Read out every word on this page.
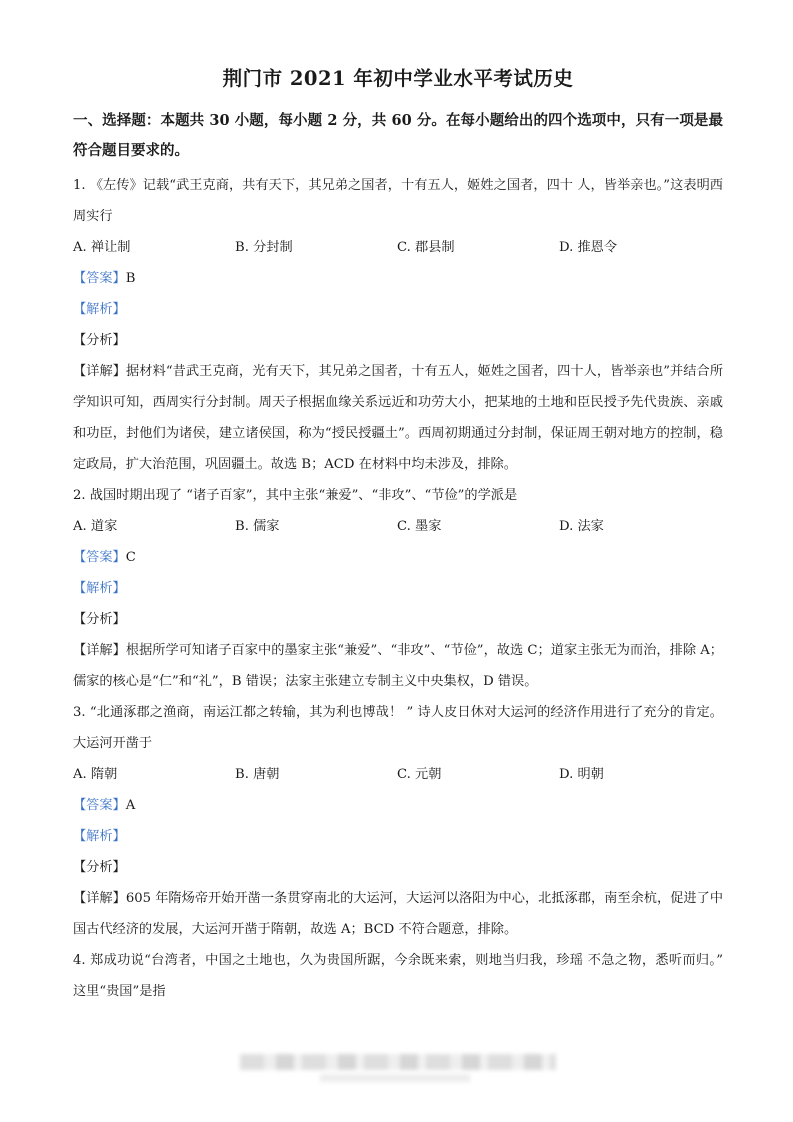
荆门市 2021 年初中学业水平考试历史
一、选择题：本题共 30 小题，每小题 2 分，共 60 分。在每小题给出的四个选项中，只有一项是最符合题目要求的。

1. 《左传》记载“武王克商，共有天下，其兄弟之国者，十有五人，姬姓之国者，四十 人，皆举亲也。”这表明西周实行

A. 禅让制	B. 分封制	C. 郡县制	D. 推恩令

【答案】B

【解析】

【分析】

【详解】据材料“昔武王克商，光有天下，其兄弟之国者，十有五人，姬姓之国者，四十人，皆举亲也”并结合所学知识可知，西周实行分封制。周天子根据血缘关系远近和功劳大小，把某地的土地和臣民授予先代贵族、亲戚和功臣，封他们为诸侯，建立诸侯国，称为“授民授疆土”。西周初期通过分封制，保证周王朝对地方的控制，稳定政局，扩大治范围，巩固疆土。故选 B；ACD 在材料中均未涉及，排除。

2. 战国时期出现了 “诸子百家”，其中主张“兼爱”、“非攻”、“节俭”的学派是

A. 道家	B. 儒家	C. 墨家	D. 法家

【答案】C

【解析】

【分析】

【详解】根据所学可知诸子百家中的墨家主张“兼爱”、“非攻”、“节俭”，故选 C；道家主张无为而治，排除 A；儒家的核心是“仁”和“礼”，B 错误；法家主张建立专制主义中央集权，D 错误。

3. “北通涿郡之渔商，南运江都之转输，其为利也博哉！ ” 诗人皮日休对大运河的经济作用进行了充分的肯定。大运河开凿于

A. 隋朝	B. 唐朝	C. 元朝	D. 明朝

【答案】A

【解析】

【分析】

【详解】605 年隋炀帝开始开凿一条贯穿南北的大运河，大运河以洛阳为中心，北抵涿郡，南至余杭，促进了中国古代经济的发展，大运河开凿于隋朝，故选 A；BCD 不符合题意，排除。

4. 郑成功说“台湾者，中国之土地也，久为贵国所踞，今余既来索，则地当归我，珍瑶 不急之物，悉听而归。” 这里“贵国”是指
